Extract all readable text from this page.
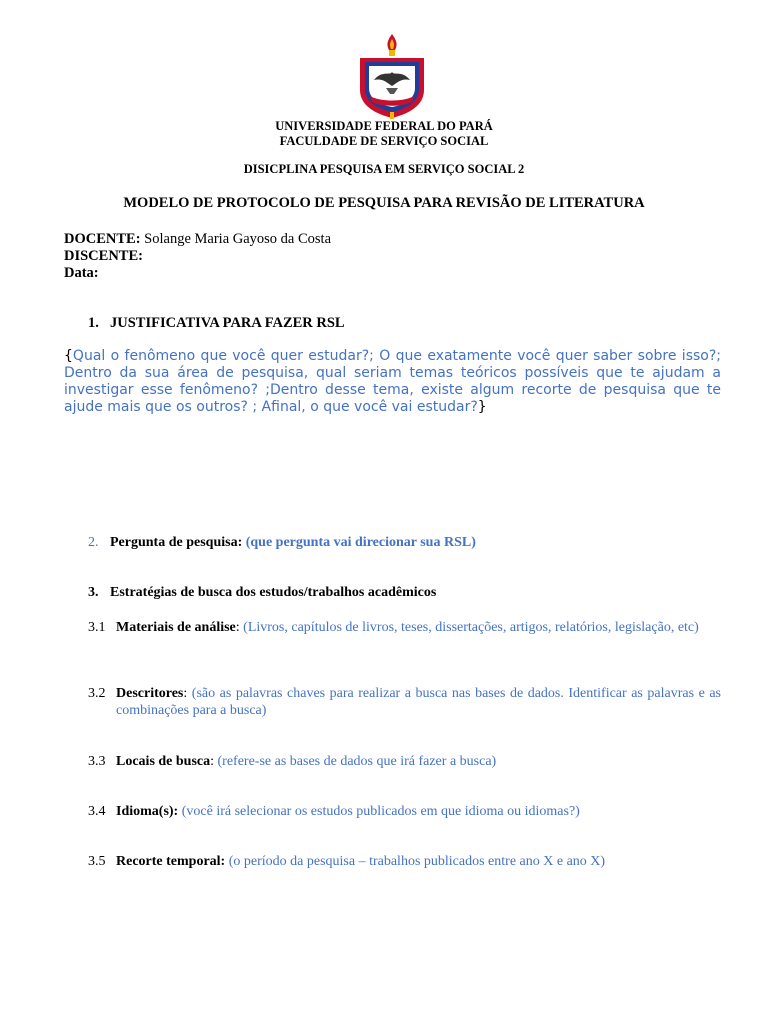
UNIVERSIDADE FEDERAL DO PARÁ
FACULDADE DE SERVIÇO SOCIAL
DISICPLINA PESQUISA EM SERVIÇO SOCIAL 2
MODELO DE PROTOCOLO DE PESQUISA PARA REVISÃO DE LITERATURA
DOCENTE: Solange Maria Gayoso da Costa
DISCENTE:
Data:
1. JUSTIFICATIVA PARA FAZER RSL
{Qual o fenômeno que você quer estudar?; O que exatamente você quer saber sobre isso?; Dentro da sua área de pesquisa, qual seriam temas teóricos possíveis que te ajudam a investigar esse fenômeno? ;Dentro desse tema, existe algum recorte de pesquisa que te ajude mais que os outros? ; Afinal, o que você vai estudar?}
2. Pergunta de pesquisa: (que pergunta vai direcionar sua RSL)
3. Estratégias de busca dos estudos/trabalhos acadêmicos
3.1 Materiais de análise: (Livros, capítulos de livros, teses, dissertações, artigos, relatórios, legislação, etc)
3.2 Descritores: (são as palavras chaves para realizar a busca nas bases de dados. Identificar as palavras e as combinações para a busca)
3.3 Locais de busca: (refere-se as bases de dados que irá fazer a busca)
3.4 Idioma(s): (você irá selecionar os estudos publicados em que idioma ou idiomas?)
3.5 Recorte temporal: (o período da pesquisa – trabalhos publicados entre ano X e ano X)
